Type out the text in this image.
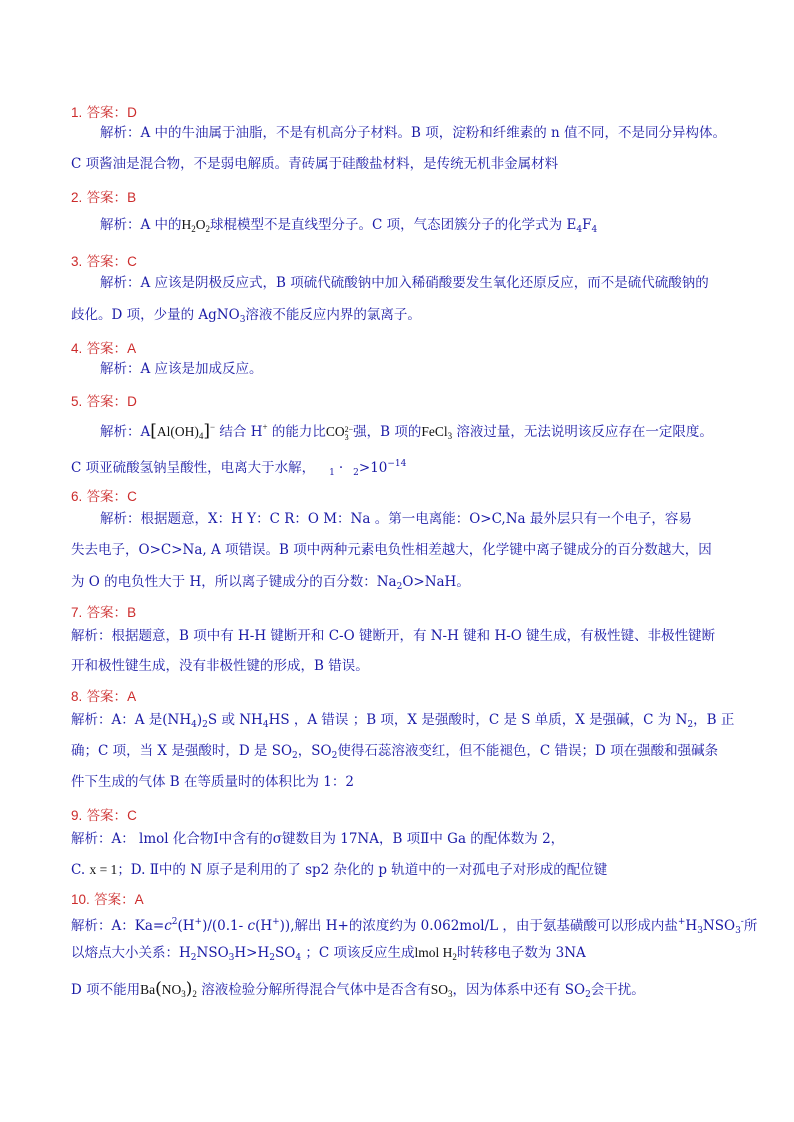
1. 答案：D
解析：A 中的牛油属于油脂，不是有机高分子材料。B 项，淀粉和纤维素的 n 值不同，不是同分异构体。
C 项酱油是混合物，不是弱电解质。青砖属于硅酸盐材料，是传统无机非金属材料
2. 答案：B
解析：A 中的$H_2O_2$球棍模型不是直线型分子。C 项，气态团簇分子的化学式为 $E_4F_4$
3. 答案：C
解析：A 应该是阴极反应式，B 项硫代硫酸钠中加入稀硝酸要发生氧化还原反应，而不是硫代硫酸钠的
歧化。D 项，少量的 AgNO$_3$溶液不能反应内界的氯离子。
4. 答案：A
解析：A 应该是加成反应。
5. 答案：D
解析：$A[Al(OH)_4]^-$ 结合 H+ 的能力比CO2−
3 强，B 项的FeCl$_3$ 溶液过量，无法说明该反应存在一定限度。
C 项亚硫酸氢钠呈酸性，电离大于水解， $_1 \cdot _2>10^{-14}$
6. 答案：C
解析：根据题意，X：H Y：C R：O M：Na 。第一电离能：O>C,Na 最外层只有一个电子，容易
失去电子，O>C>Na, A 项错误。B 项中两种元素电负性相差越大，化学键中离子键成分的百分数越大，因
为 O 的电负性大于 H，所以离子键成分的百分数：$Na_2O>NaH$。
7. 答案：B
解析：根据题意，B 项中有 H-H 键断开和 C-O 键断开，有 N-H 键和 H-O 键生成，有极性键、非极性键断
开和极性键生成，没有非极性键的形成，B 错误。
8. 答案：A
解析：A：A 是$(NH_4)_2S$ 或 $NH_4HS$ ，A 错误 ；B 项，X 是强酸时，C 是 S 单质，X 是强碱，C 为 $N_2$，B 正
确；C 项，当 X 是强酸时，D 是 $SO_2$，$SO_2$使得石蕊溶液变红，但不能褪色，C 错误；D 项在强酸和强碱条
件下生成的气体 B 在等质量时的体积比为 1：2
9. 答案：C
解析：A： lmol 化合物Ⅰ中含有的σ键数目为 17NA，B 项Ⅱ中 Ga 的配体数为 2，
C. x = 1；D. Ⅱ中的 N 原子是利用的了 sp2 杂化的 p 轨道中的一对孤电子对形成的配位键
10. 答案：A
解析：A：$Ka=c^2(H^+)/(0.1-$ c(H+)),解出 H+的浓度约为 0.062mol/L ，由于氨基磺酸可以形成内盐$^+H_3NSO_3^-$所
以熔点大小关系：$H_2NSO_3H>H_2SO_4$ ；C 项该反应生成lmol $H_2$时转移电子数为 3NA
D 项不能用$Ba(NO_3)_2$ 溶液检验分解所得混合气体中是否含有$SO_3$，因为体系中还有 $SO_2$会干扰。
